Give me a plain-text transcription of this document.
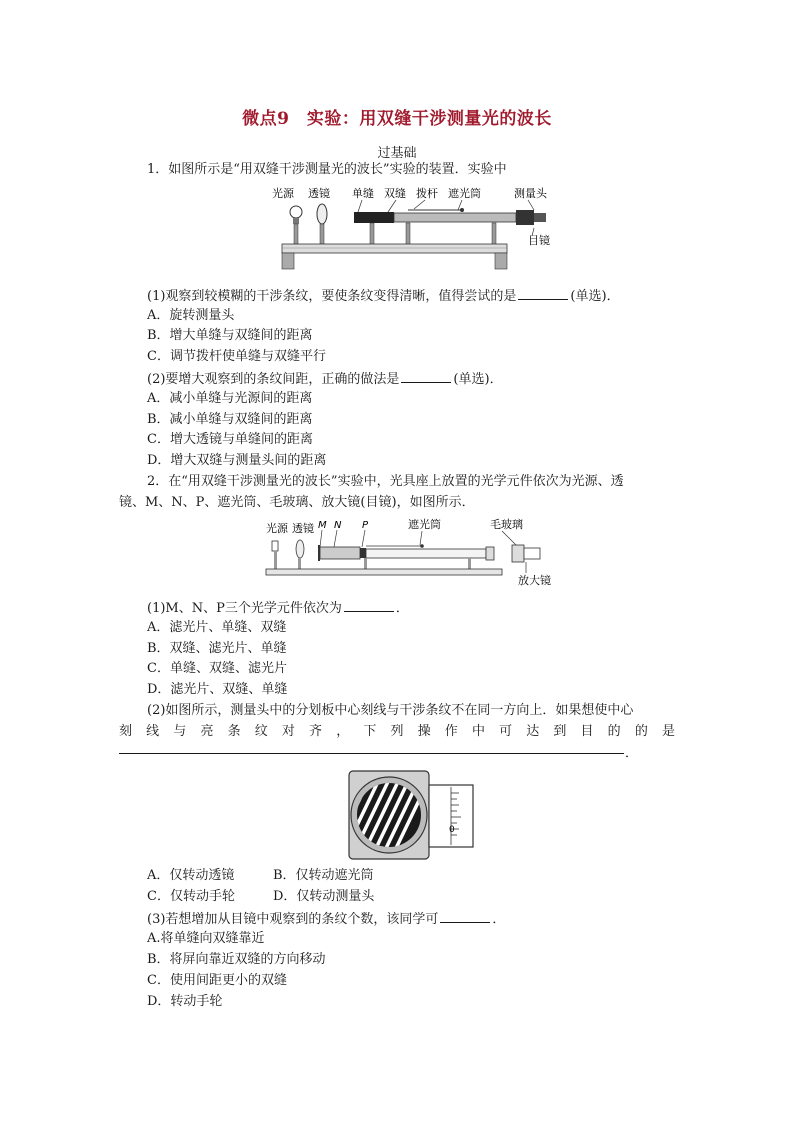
微点9　实验：用双缝干涉测量光的波长
过基础
1．如图所示是“用双缝干涉测量光的波长”实验的装置．实验中
光源 透镜 单缝 双缝 拨杆 遮光筒	测量头
目镜
(1)观察到较模糊的干涉条纹，要使条纹变得清晰，值得尝试的是	(单选)．
A．旋转测量头
B．增大单缝与双缝间的距离
C．调节拨杆使单缝与双缝平行
(2)要增大观察到的条纹间距，正确的做法是	(单选)．
A．减小单缝与光源间的距离
B．减小单缝与双缝间的距离
C．增大透镜与单缝间的距离
D．增大双缝与测量头间的距离
2．在“用双缝干涉测量光的波长”实验中，光具座上放置的光学元件依次为光源、透
镜、M、N、P、遮光筒、毛玻璃、放大镜(目镜)，如图所示．
光源 透镜 M N P	遮光筒	毛玻璃
放大镜
(1)M、N、P三个光学元件依次为	．
A．滤光片、单缝、双缝
B．双缝、滤光片、单缝
C．单缝、双缝、滤光片
D．滤光片、双缝、单缝
(2)如图所示，测量头中的分划板中心刻线与干涉条纹不在同一方向上．如果想使中心
刻线与亮条纹对齐，下列操作中可达到目的的是
．
0
A．仅转动透镜	B．仅转动遮光筒
C．仅转动手轮	D．仅转动测量头
(3)若想增加从目镜中观察到的条纹个数，该同学可	．
A.将单缝向双缝靠近
B．将屏向靠近双缝的方向移动
C．使用间距更小的双缝
D．转动手轮
